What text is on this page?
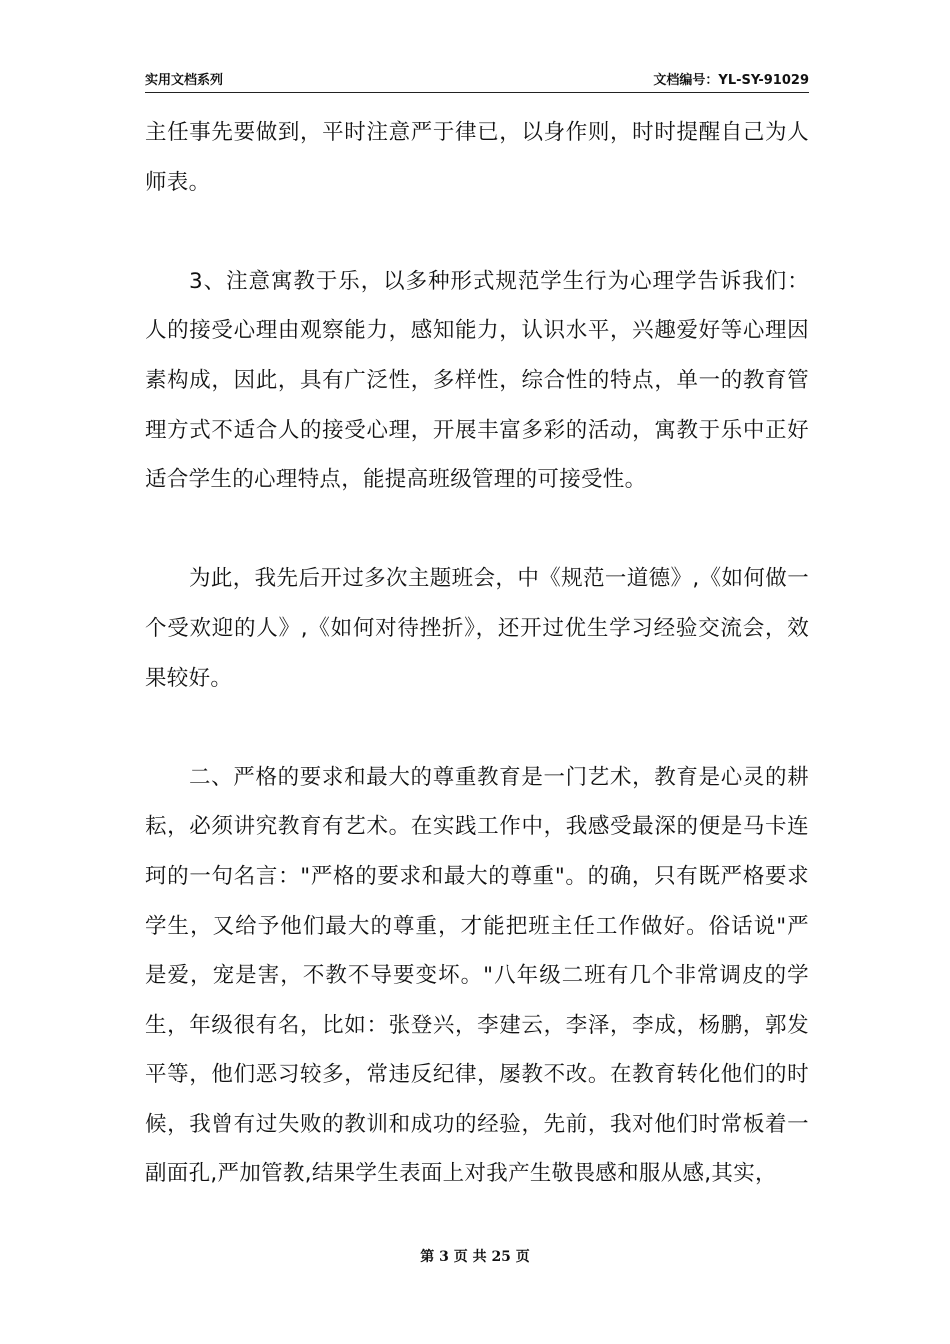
实用文档系列	文档编号：YL-SY-91029

主任事先要做到，平时注意严于律已，以身作则，时时提醒自己为人师表。

3、注意寓教于乐，以多种形式规范学生行为心理学告诉我们：人的接受心理由观察能力，感知能力，认识水平，兴趣爱好等心理因素构成，因此，具有广泛性，多样性，综合性的特点，单一的教育管理方式不适合人的接受心理，开展丰富多彩的活动，寓教于乐中正好适合学生的心理特点，能提高班级管理的可接受性。

为此，我先后开过多次主题班会，中《规范一道德》,《如何做一个受欢迎的人》,《如何对待挫折》，还开过优生学习经验交流会，效果较好。

二、严格的要求和最大的尊重教育是一门艺术，教育是心灵的耕耘，必须讲究教育有艺术。在实践工作中，我感受最深的便是马卡连珂的一句名言："严格的要求和最大的尊重"。的确，只有既严格要求学生，又给予他们最大的尊重，才能把班主任工作做好。俗话说"严是爱，宠是害，不教不导要变坏。"八年级二班有几个非常调皮的学生，年级很有名，比如：张登兴，李建云，李泽，李成，杨鹏，郭发平等，他们恶习较多，常违反纪律，屡教不改。在教育转化他们的时候，我曾有过失败的教训和成功的经验，先前，我对他们时常板着一副面孔,严加管教,结果学生表面上对我产生敬畏感和服从感,其实，

第 3 页 共 25 页
